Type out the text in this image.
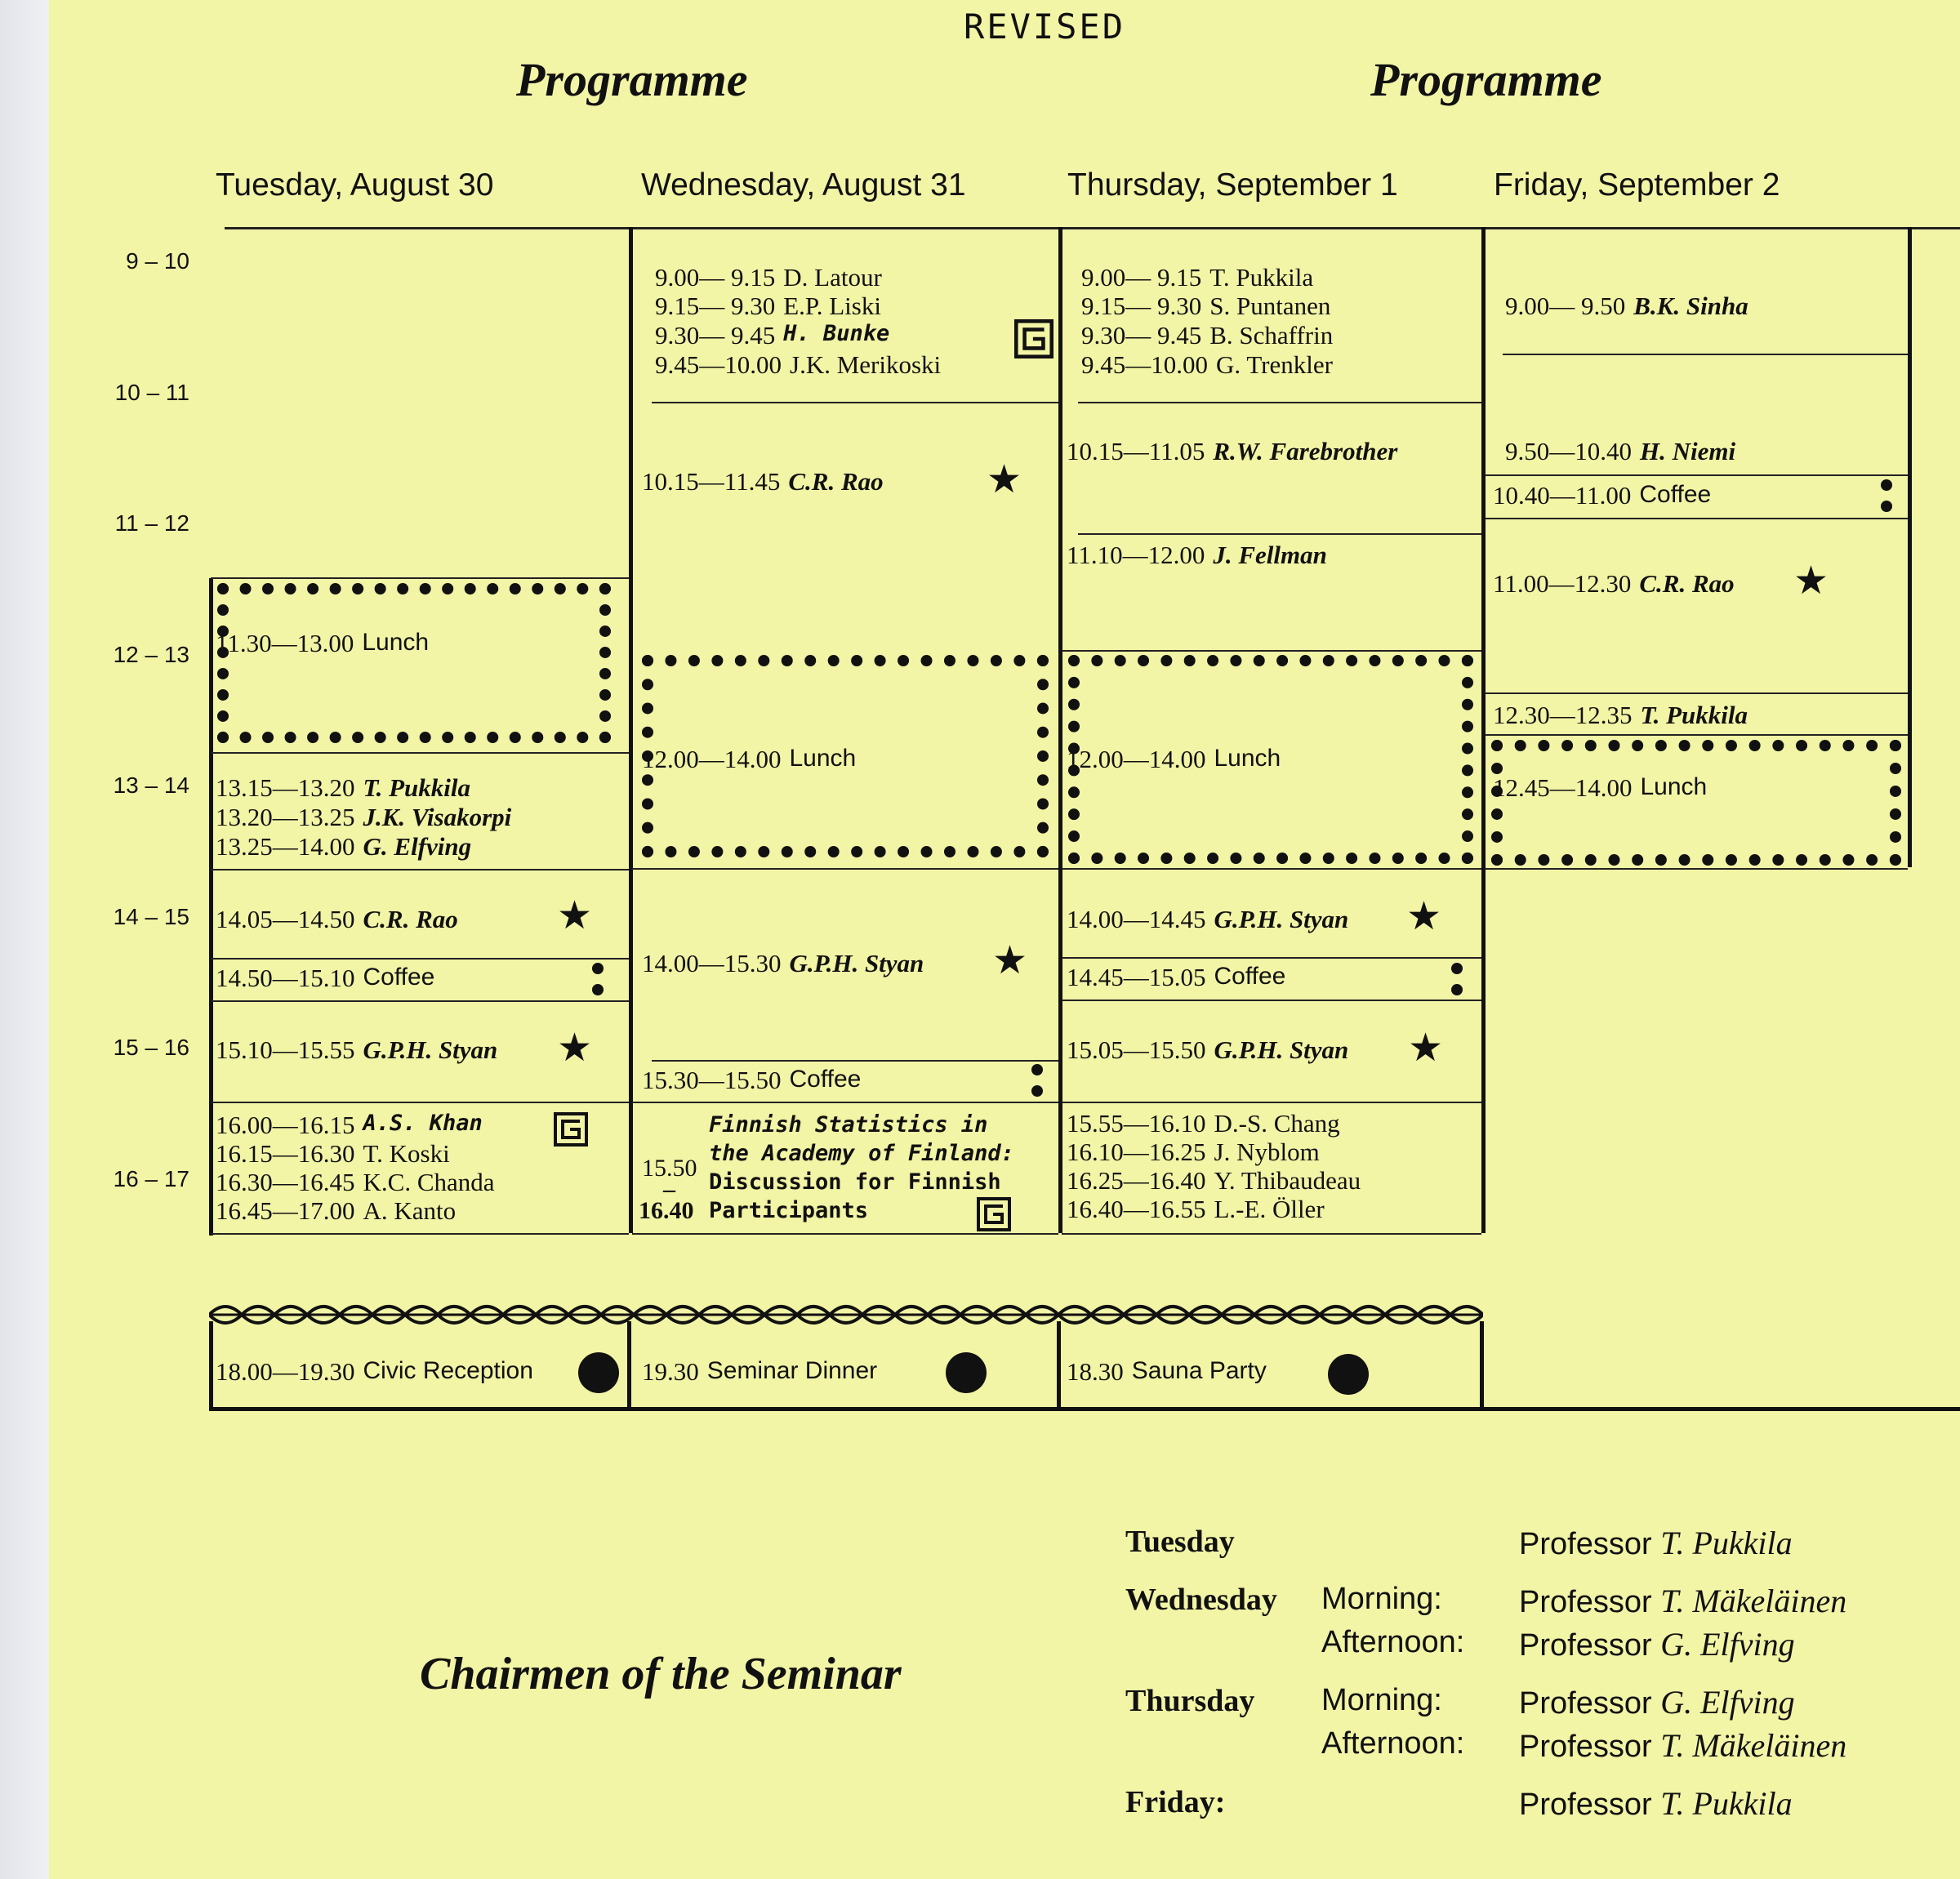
REVISED
Programme	Programme
Tuesday, August 30	Wednesday, August 31	Thursday, September 1	Friday, September 2
9 – 10
10 – 11
11 – 12
12 – 13
13 – 14
14 – 15
15 – 16
16 – 17
11.30—13.00 Lunch
13.15—13.20 T. Pukkila
13.20—13.25 J.K. Visakorpi
13.25—14.00 G. Elfving
14.05—14.50 C.R. Rao	★
14.50—15.10 Coffee
15.10—15.55 G.P.H. Styan ★
16.00—16.15 A.S. Khan
16.15—16.30 T. Koski
16.30—16.45 K.C. Chanda
16.45—17.00 A. Kanto
9.00— 9.15 D. Latour
9.15— 9.30 E.P. Liski
9.30— 9.45 H. Bunke
9.45—10.00 J.K. Merikoski
10.15—11.45 C.R. Rao	★
12.00—14.00 Lunch
14.00—15.30 G.P.H. Styan ★
15.30—15.50 Coffee
15.50
–
16.40
Finnish Statistics in
the Academy of Finland:
Discussion for Finnish
Participants
9.00— 9.15 T. Pukkila
9.15— 9.30 S. Puntanen
9.30— 9.45 B. Schaffrin
9.45—10.00 G. Trenkler
10.15—11.05 R.W. Farebrother
11.10—12.00 J. Fellman
12.00—14.00 Lunch
14.00—14.45 G.P.H. Styan ★
14.45—15.05 Coffee
15.05—15.50 G.P.H. Styan ★
15.55—16.10 D.-S. Chang
16.10—16.25 J. Nyblom
16.25—16.40 Y. Thibaudeau
16.40—16.55 L.-E. Öller
9.00— 9.50 B.K. Sinha
9.50—10.40 H. Niemi
10.40—11.00 Coffee
11.00—12.30 C.R. Rao ★
12.30—12.35 T. Pukkila
12.45—14.00 Lunch
18.00—19.30 Civic Reception	19.30 Seminar Dinner	18.30 Sauna Party
Chairmen of the Seminar
Tuesday	Professor T. Pukkila
Wednesday Morning: Professor T. Mäkeläinen
Afternoon: Professor G. Elfving
Thursday Morning: Professor G. Elfving
Afternoon: Professor T. Mäkeläinen
Friday:	Professor T. Pukkila
